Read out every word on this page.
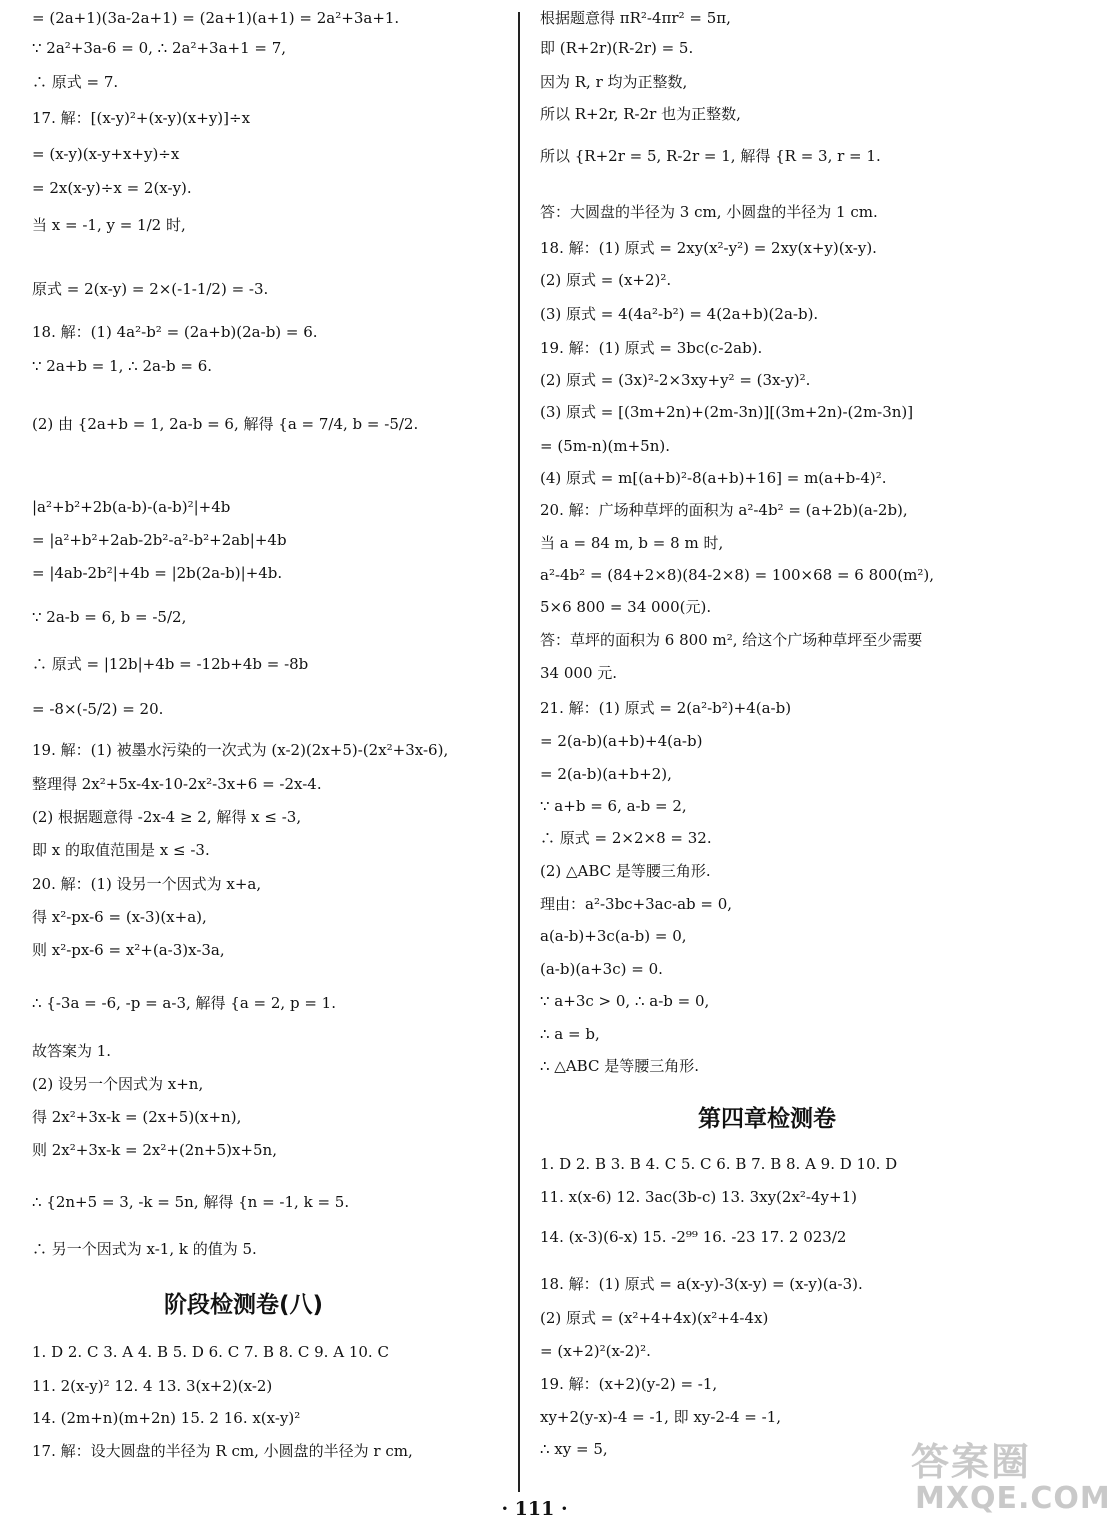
= (2a+1)(3a-2a+1) = (2a+1)(a+1) = 2a²+3a+1.
∵ 2a²+3a-6 = 0, ∴ 2a²+3a+1 = 7,
∴ 原式 = 7.
17. 解：[(x-y)²+(x-y)(x+y)]÷x
= (x-y)(x-y+x+y)÷x
= 2x(x-y)÷x = 2(x-y).
当 x = -1, y = 1/2 时,
原式 = 2(x-y) = 2×(-1-1/2) = -3.
18. 解：(1) 4a²-b² = (2a+b)(2a-b) = 6.
∵ 2a+b = 1, ∴ 2a-b = 6.
(2) 由 {2a+b = 1, 2a-b = 6, 解得 {a = 7/4, b = -5/2.
|a²+b²+2b(a-b)-(a-b)²|+4b
= |a²+b²+2ab-2b²-a²-b²+2ab|+4b
= |4ab-2b²|+4b = |2b(2a-b)|+4b.
∵ 2a-b = 6, b = -5/2,
∴ 原式 = |12b|+4b = -12b+4b = -8b
= -8×(-5/2) = 20.
19. 解：(1) 被墨水污染的一次式为 (x-2)(2x+5)-(2x²+3x-6),
整理得 2x²+5x-4x-10-2x²-3x+6 = -2x-4.
(2) 根据题意得 -2x-4 ≥ 2, 解得 x ≤ -3,
即 x 的取值范围是 x ≤ -3.
20. 解：(1) 设另一个因式为 x+a,
得 x²-px-6 = (x-3)(x+a),
则 x²-px-6 = x²+(a-3)x-3a,
∴ {-3a = -6, -p = a-3, 解得 {a = 2, p = 1.
故答案为 1.
(2) 设另一个因式为 x+n,
得 2x²+3x-k = (2x+5)(x+n),
则 2x²+3x-k = 2x²+(2n+5)x+5n,
∴ {2n+5 = 3, -k = 5n, 解得 {n = -1, k = 5.
∴ 另一个因式为 x-1, k 的值为 5.
1. D 2. C 3. A 4. B 5. D 6. C 7. B 8. C 9. A 10. C
11. 2(x-y)² 12. 4 13. 3(x+2)(x-2)
14. (2m+n)(m+2n) 15. 2 16. x(x-y)²
17. 解：设大圆盘的半径为 R cm, 小圆盘的半径为 r cm,
根据题意得 πR²-4πr² = 5π,
即 (R+2r)(R-2r) = 5.
因为 R, r 均为正整数,
所以 R+2r, R-2r 也为正整数,
所以 {R+2r = 5, R-2r = 1, 解得 {R = 3, r = 1.
答：大圆盘的半径为 3 cm, 小圆盘的半径为 1 cm.
18. 解：(1) 原式 = 2xy(x²-y²) = 2xy(x+y)(x-y).
(2) 原式 = (x+2)².
(3) 原式 = 4(4a²-b²) = 4(2a+b)(2a-b).
19. 解：(1) 原式 = 3bc(c-2ab).
(2) 原式 = (3x)²-2×3xy+y² = (3x-y)².
(3) 原式 = [(3m+2n)+(2m-3n)][(3m+2n)-(2m-3n)]
= (5m-n)(m+5n).
(4) 原式 = m[(a+b)²-8(a+b)+16] = m(a+b-4)².
20. 解：广场种草坪的面积为 a²-4b² = (a+2b)(a-2b),
当 a = 84 m, b = 8 m 时,
a²-4b² = (84+2×8)(84-2×8) = 100×68 = 6 800(m²),
5×6 800 = 34 000(元).
答：草坪的面积为 6 800 m², 给这个广场种草坪至少需要
34 000 元.
21. 解：(1) 原式 = 2(a²-b²)+4(a-b)
= 2(a-b)(a+b)+4(a-b)
= 2(a-b)(a+b+2),
∵ a+b = 6, a-b = 2,
∴ 原式 = 2×2×8 = 32.
(2) △ABC 是等腰三角形.
理由：a²-3bc+3ac-ab = 0,
a(a-b)+3c(a-b) = 0,
(a-b)(a+3c) = 0.
∵ a+3c > 0, ∴ a-b = 0,
∴ a = b,
∴ △ABC 是等腰三角形.
1. D 2. B 3. B 4. C 5. C 6. B 7. B 8. A 9. D 10. D
11. x(x-6) 12. 3ac(3b-c) 13. 3xy(2x²-4y+1)
14. (x-3)(6-x) 15. -2⁹⁹ 16. -23 17. 2 023/2
18. 解：(1) 原式 = a(x-y)-3(x-y) = (x-y)(a-3).
(2) 原式 = (x²+4+4x)(x²+4-4x)
= (x+2)²(x-2)².
19. 解：(x+2)(y-2) = -1,
xy+2(y-x)-4 = -1, 即 xy-2-4 = -1,
∴ xy = 5,
阶段检测卷(八)
第四章检测卷
· 111 ·
答案圈
MXQE.COM
